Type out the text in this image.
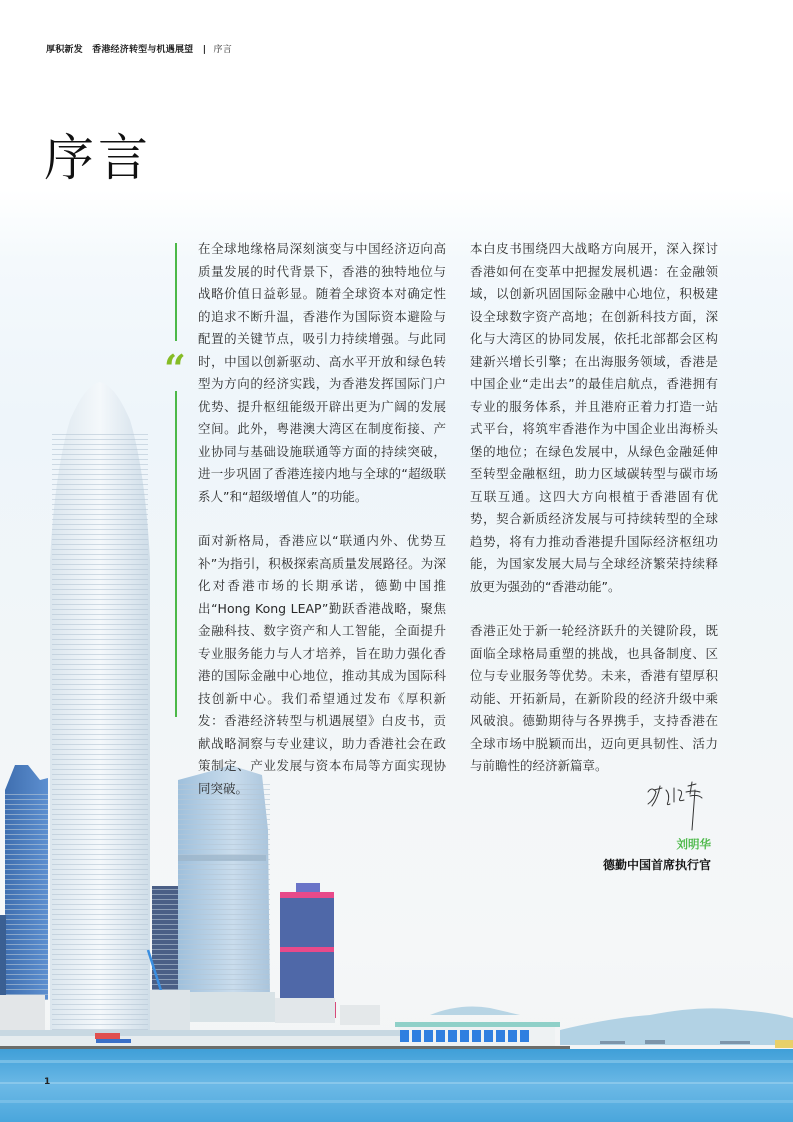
厚积新发 香港经济转型与机遇展望 | 序言
序言
“

在全球地缘格局深刻演变与中国经济迈向高质量发展的时代背景下，香港的独特地位与战略价值日益彰显。随着全球资本对确定性的追求不断升温，香港作为国际资本避险与配置的关键节点，吸引力持续增强。与此同时，中国以创新驱动、高水平开放和绿色转型为方向的经济实践，为香港发挥国际门户优势、提升枢纽能级开辟出更为广阔的发展空间。此外，粤港澳大湾区在制度衔接、产业协同与基础设施联通等方面的持续突破，进一步巩固了香港连接内地与全球的“超级联系人”和“超级增值人”的功能。

面对新格局，香港应以“联通内外、优势互补”为指引，积极探索高质量发展路径。为深化对香港市场的长期承诺，德勤中国推出“Hong Kong LEAP”勤跃香港战略，聚焦金融科技、数字资产和人工智能，全面提升专业服务能力与人才培养，旨在助力强化香港的国际金融中心地位，推动其成为国际科技创新中心。我们希望通过发布《厚积新发：香港经济转型与机遇展望》白皮书，贡献战略洞察与专业建议，助力香港社会在政策制定、产业发展与资本布局等方面实现协同突破。

本白皮书围绕四大战略方向展开，深入探讨香港如何在变革中把握发展机遇：在金融领域，以创新巩固国际金融中心地位，积极建设全球数字资产高地；在创新科技方面，深化与大湾区的协同发展，依托北部都会区构建新兴增长引擎；在出海服务领域，香港是中国企业“走出去”的最佳启航点，香港拥有专业的服务体系，并且港府正着力打造一站式平台，将筑牢香港作为中国企业出海桥头堡的地位；在绿色发展中，从绿色金融延伸至转型金融枢纽，助力区域碳转型与碳市场互联互通。这四大方向根植于香港固有优势，契合新质经济发展与可持续转型的全球趋势，将有力推动香港提升国际经济枢纽功能，为国家发展大局与全球经济繁荣持续释放更为强劲的“香港动能”。

香港正处于新一轮经济跃升的关键阶段，既面临全球格局重塑的挑战，也具备制度、区位与专业服务等优势。未来，香港有望厚积动能、开拓新局，在新阶段的经济升级中乘风破浪。德勤期待与各界携手，支持香港在全球市场中脱颖而出，迈向更具韧性、活力与前瞻性的经济新篇章。

刘明华
德勤中国首席执行官
1
